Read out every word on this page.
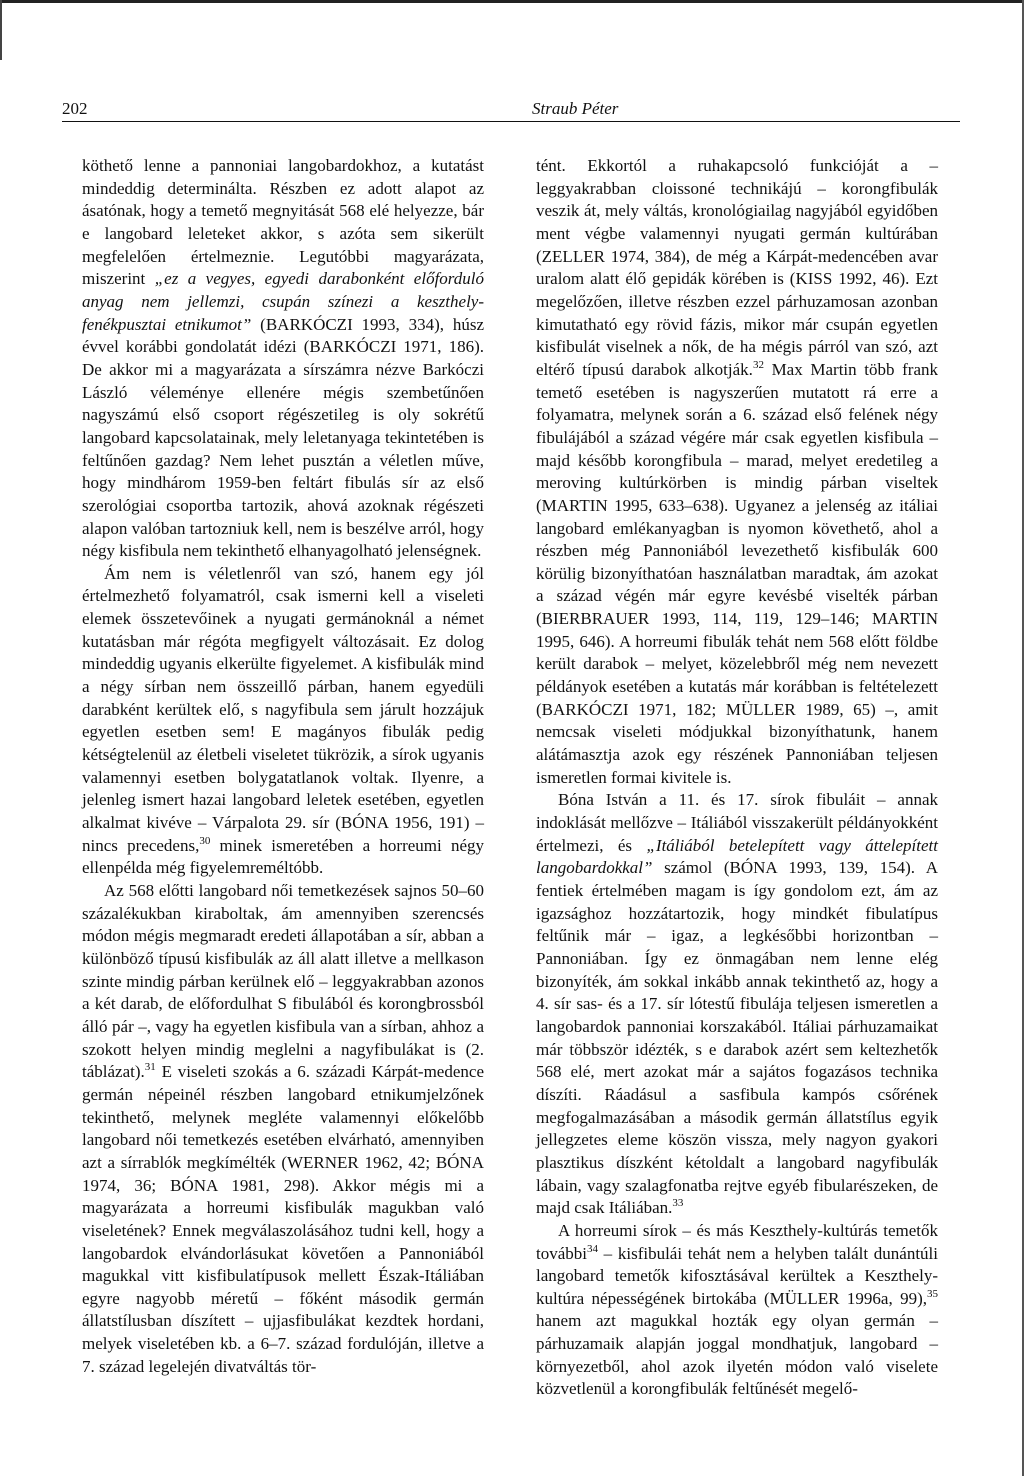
202	Straub Péter

köthető lenne a pannoniai langobardokhoz, a kutatást mindeddig determinálta. Részben ez adott alapot az ásatónak, hogy a temető megnyitását 568 elé helyezze, bár e langobard leleteket akkor, s azóta sem sikerült megfelelően értelmeznie. Legutóbbi magyarázata, miszerint „ez a vegyes, egyedi darabonként előforduló anyag nem jellemzi, csupán színezi a keszthely-fenékpusztai etnikumot” (BARKÓCZI 1993, 334), húsz évvel korábbi gondolatát idézi (BARKÓCZI 1971, 186). De akkor mi a magyarázata a sírszámra nézve Barkóczi László véleménye ellenére mégis szembetűnően nagyszámú első csoport régészetileg is oly sokrétű langobard kapcsolatainak, mely leletanyaga tekintetében is feltűnően gazdag? Nem lehet pusztán a véletlen műve, hogy mindhárom 1959-ben feltárt fibulás sír az első szerológiai csoportba tartozik, ahová azoknak régészeti alapon valóban tartozniuk kell, nem is beszélve arról, hogy négy kisfibula nem tekinthető elhanyagolható jelenségnek.

Ám nem is véletlenről van szó, hanem egy jól értelmezhető folyamatról, csak ismerni kell a viseleti elemek összetevőinek a nyugati germánoknál a német kutatásban már régóta megfigyelt változásait. Ez dolog mindeddig ugyanis elkerülte figyelemet. A kisfibulák mind a négy sírban nem összeillő párban, hanem egyedüli darabként kerültek elő, s nagyfibula sem járult hozzájuk egyetlen esetben sem! E magányos fibulák pedig kétségtelenül az életbeli viseletet tükrözik, a sírok ugyanis valamennyi esetben bolygatatlanok voltak. Ilyenre, a jelenleg ismert hazai langobard leletek esetében, egyetlen alkalmat kivéve – Várpalota 29. sír (BÓNA 1956, 191) – nincs precedens,$^{30}$ minek ismeretében a horreumi négy ellenpélda még figyelemreméltóbb.

Az 568 előtti langobard női temetkezések sajnos 50–60 százalékukban kiraboltak, ám amennyiben szerencsés módon mégis megmaradt eredeti állapotában a sír, abban a különböző típusú kisfibulák az áll alatt illetve a mellkason szinte mindig párban kerülnek elő – leggyakrabban azonos a két darab, de előfordulhat S fibulából és korongbrossból álló pár –, vagy ha egyetlen kisfibula van a sírban, ahhoz a szokott helyen mindig meglelni a nagyfibulákat is (2. táblázat).$^{31}$ E viseleti szokás a 6. századi Kárpát-medence germán népeinél részben langobard etnikumjelzőnek tekinthető, melynek megléte valamennyi előkelőbb langobard női temetkezés esetében elvárható, amennyiben azt a sírrablók megkímélték (WERNER 1962, 42; BÓNA 1974, 36; BÓNA 1981, 298). Akkor mégis mi a magyarázata a horreumi kisfibulák magukban való viseletének? Ennek megválaszolásához tudni kell, hogy a langobardok elvándorlásukat követően a Pannoniából magukkal vitt kisfibulatípusok mellett Észak-Itáliában egyre nagyobb méretű – főként második germán állatstílusban díszített – ujjasfibulákat kezdtek hordani, melyek viseletében kb. a 6–7. század fordulóján, illetve a 7. század legelején divatváltás tör-

tént. Ekkortól a ruhakapcsoló funkcióját a – leggyakrabban cloissoné technikájú – korongfibulák veszik át, mely váltás, kronológiailag nagyjából egyidőben ment végbe valamennyi nyugati germán kultúrában (ZELLER 1974, 384), de még a Kárpát-medencében avar uralom alatt élő gepidák körében is (KISS 1992, 46). Ezt megelőzően, illetve részben ezzel párhuzamosan azonban kimutatható egy rövid fázis, mikor már csupán egyetlen kisfibulát viselnek a nők, de ha mégis párról van szó, azt eltérő típusú darabok alkotják.$^{32}$ Max Martin több frank temető esetében is nagyszerűen mutatott rá erre a folyamatra, melynek során a 6. század első felének négy fibulájából a század végére már csak egyetlen kisfibula – majd később korongfibula – marad, melyet eredetileg a meroving kultúrkörben is mindig párban viseltek (MARTIN 1995, 633–638). Ugyanez a jelenség az itáliai langobard emlékanyagban is nyomon követhető, ahol a részben még Pannoniából levezethető kisfibulák 600 körülig bizonyíthatóan használatban maradtak, ám azokat a század végén már egyre kevésbé viselték párban (BIERBRAUER 1993, 114, 119, 129–146; MARTIN 1995, 646). A horreumi fibulák tehát nem 568 előtt földbe került darabok – melyet, közelebbről még nem nevezett példányok esetében a kutatás már korábban is feltételezett (BARKÓCZI 1971, 182; MÜLLER 1989, 65) –, amit nemcsak viseleti módjukkal bizonyíthatunk, hanem alátámasztja azok egy részének Pannoniában teljesen ismeretlen formai kivitele is.

Bóna István a 11. és 17. sírok fibuláit – annak indoklását mellőzve – Itáliából visszakerült példányokként értelmezi, és „Itáliából betelepített vagy áttelepített langobardokkal” számol (BÓNA 1993, 139, 154). A fentiek értelmében magam is így gondolom ezt, ám az igazsághoz hozzátartozik, hogy mindkét fibulatípus feltűnik már – igaz, a legkésőbbi horizontban – Pannoniában. Így ez önmagában nem lenne elég bizonyíték, ám sokkal inkább annak tekinthető az, hogy a 4. sír sas- és a 17. sír lótestű fibulája teljesen ismeretlen a langobardok pannoniai korszakából. Itáliai párhuzamaikat már többször idézték, s e darabok azért sem keltezhetők 568 elé, mert azokat már a sajátos fogazásos technika díszíti. Ráadásul a sasfibula kampós csőrének megfogalmazásában a második germán állatstílus egyik jellegzetes eleme köszön vissza, mely nagyon gyakori plasztikus díszként kétoldalt a langobard nagyfibulák lábain, vagy szalagfonatba rejtve egyéb fibularészeken, de majd csak Itáliában.$^{33}$

A horreumi sírok – és más Keszthely-kultúrás temetők további$^{34}$ – kisfibulái tehát nem a helyben talált dunántúli langobard temetők kifosztásával kerültek a Keszthely-kultúra népességének birtokába (MÜLLER 1996a, 99),$^{35}$ hanem azt magukkal hozták egy olyan germán – párhuzamaik alapján joggal mondhatjuk, langobard – környezetből, ahol azok ilyetén módon való viselete közvetlenül a korongfibulák feltűnését megelő-
